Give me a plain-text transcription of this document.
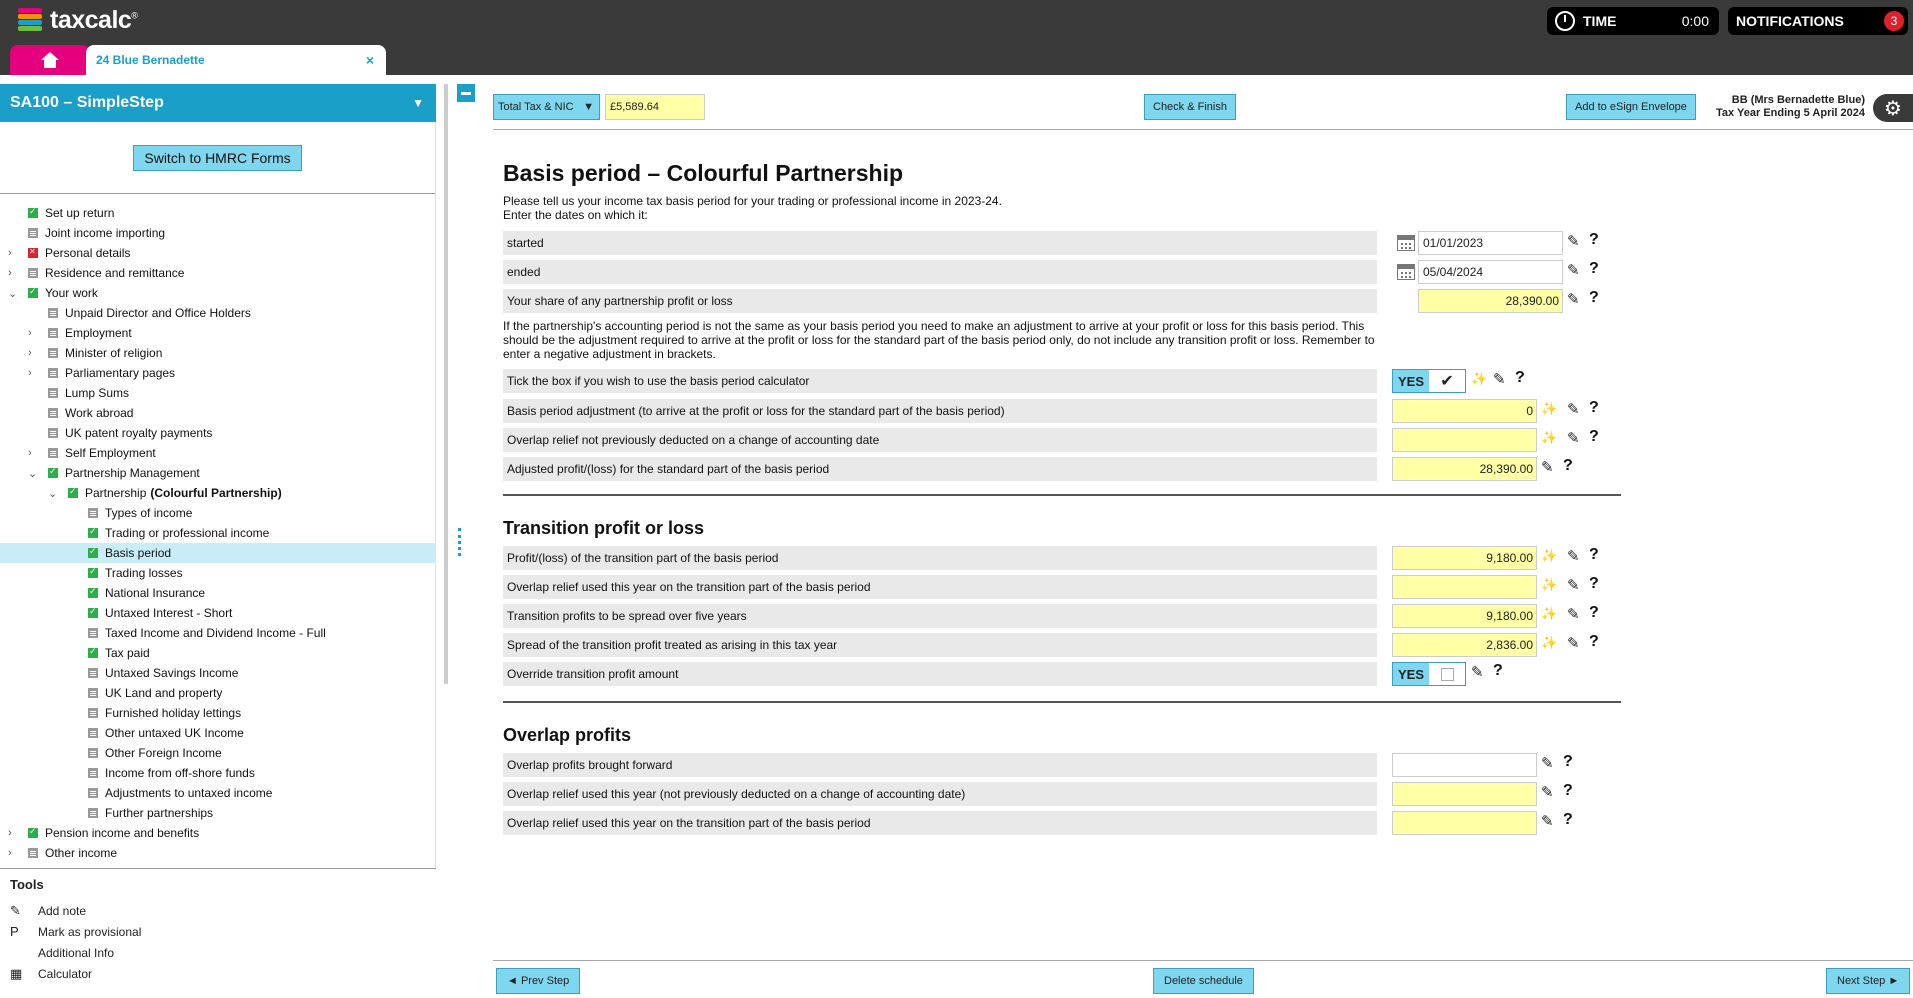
taxcalc®	TIME	0:00 NOTIFICATIONS	3
24 Blue Bernadette	×
SA100 – SimpleStep	▼
Switch to HMRC Forms
✓
Set up return
Joint income importing
› ✕	Personal details
›	Residence and remittance
⌄ ✓ Your work
Unpaid Director and Office Holders
›	Employment
›	Minister of religion
›	Parliamentary pages
Lump Sums
Work abroad
UK patent royalty payments
›	Self Employment
⌄ ✓ Partnership Management
⌄ ✓ Partnership (Colourful Partnership)
Types of income
✓
Trading or professional income
✓
Basis period
✓
Trading losses
✓
National Insurance
✓
Untaxed Interest - Short
Taxed Income and Dividend Income - Full
✓
Tax paid
Untaxed Savings Income
UK Land and property
Furnished holiday lettings
Other untaxed UK Income
Other Foreign Income
Income from off-shore funds
Adjustments to untaxed income
Further partnerships
› ✓	Pension income and benefits
›	Other income
Tools
✎	Add note
P	Mark as provisional
Additional Info
▦	Calculator
Total Tax & NIC ▼	£5,589.64	Check & Finish	Add to eSign Envelope
BB (Mrs Bernadette Blue)
Tax Year Ending 5 April 2024 ⚙
Basis period – Colourful Partnership
Please tell us your income tax basis period for your trading or professional income in 2023-24.
Enter the dates on which it:
started	01/01/2023	✎ ?
ended	05/04/2024	✎ ?
Your share of any partnership profit or loss	28,390.00 ✎ ?
If the partnership's accounting period is not the same as your basis period you need to make an adjustment to arrive at your profit or loss for this basis period. This should be the adjustment required to arrive at the profit or loss for the standard part of the basis period only, do not include any transition profit or loss. Remember to enter a negative adjustment in brackets.
Tick the box if you wish to use the basis period calculator	YES	✔	✨ ✎ ?
Basis period adjustment (to arrive at the profit or loss for the standard part of the basis period)	0 ✨ ✎ ?
Overlap relief not previously deducted on a change of accounting date	✨ ✎ ?
Adjusted profit/(loss) for the standard part of the basis period	28,390.00 ✎ ?
Transition profit or loss
Profit/(loss) of the transition part of the basis period	9,180.00 ✨ ✎ ?
Overlap relief used this year on the transition part of the basis period	✨ ✎ ?
Transition profits to be spread over five years	9,180.00 ✨ ✎ ?
Spread of the transition profit treated as arising in this tax year	2,836.00 ✨ ✎ ?
Override transition profit amount	YES	✎ ?
Overlap profits
Overlap profits brought forward	✎ ?
Overlap relief used this year (not previously deducted on a change of accounting date)	✎ ?
Overlap relief used this year on the transition part of the basis period	✎ ?
◄ Prev Step	Delete schedule	Next Step ►
